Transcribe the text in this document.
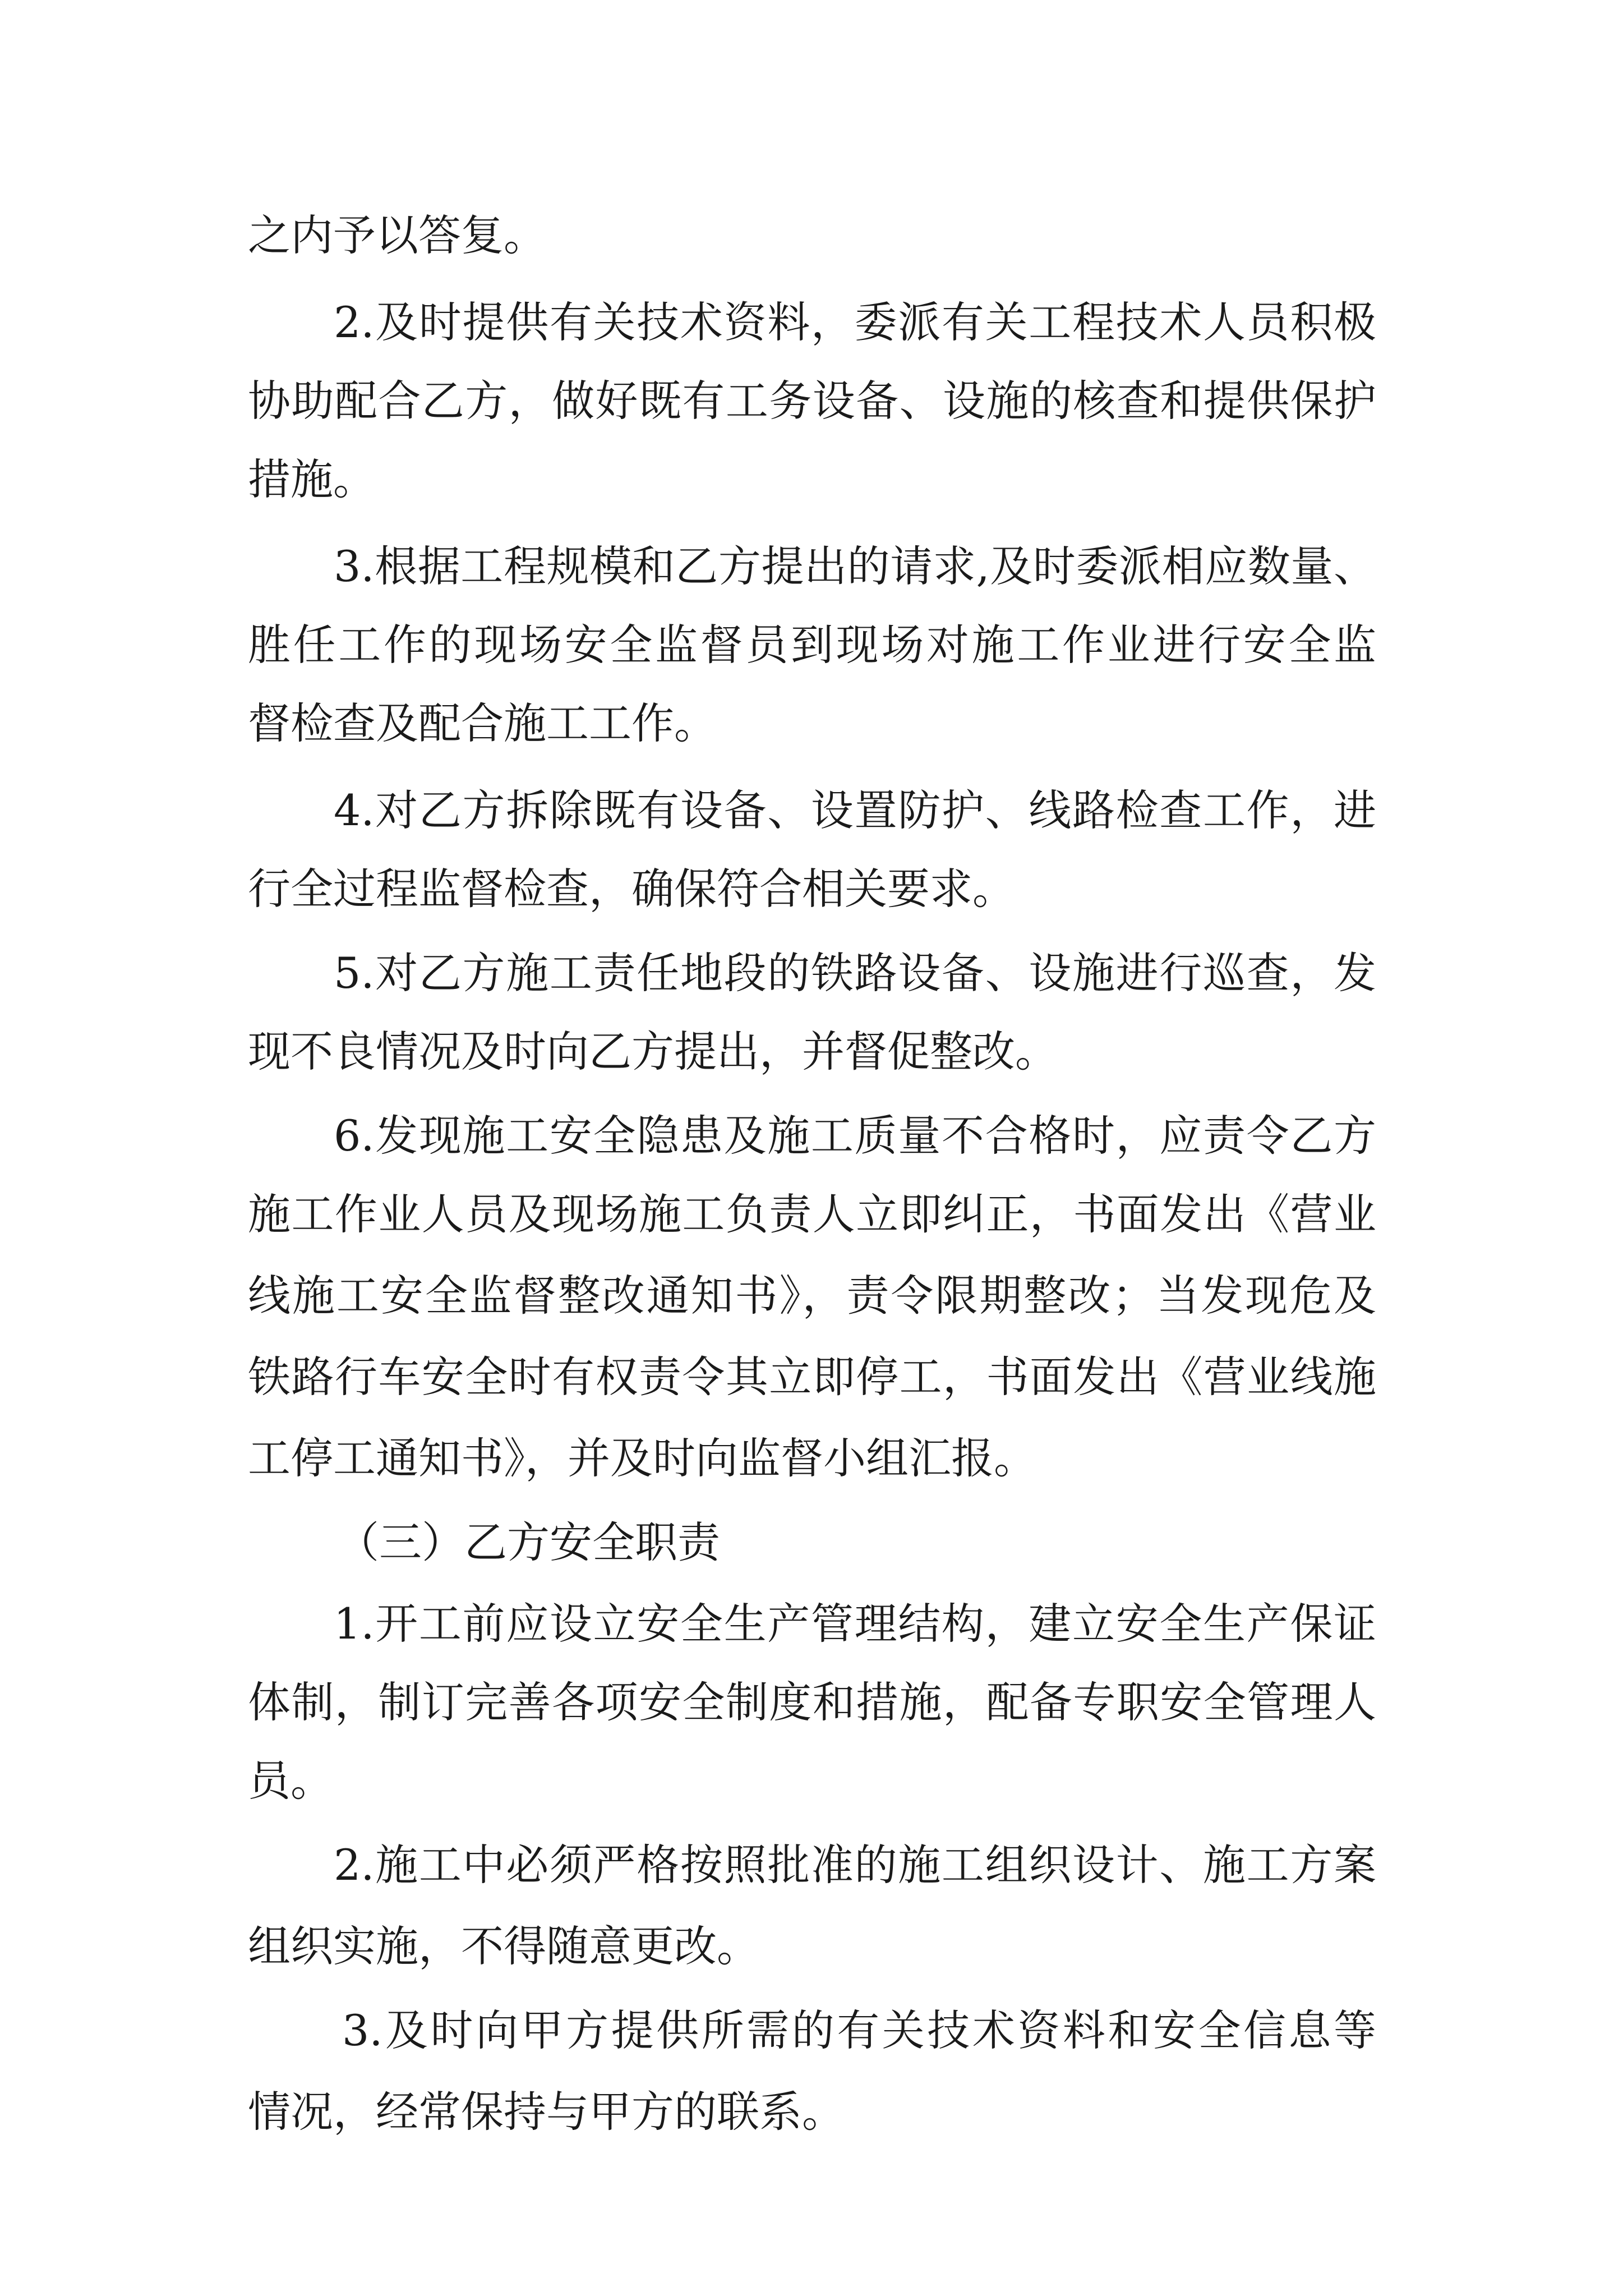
之内予以答复。
2.及时提供有关技术资料，委派有关工程技术人员积极
协助配合乙方，做好既有工务设备、设施的核查和提供保护
措施。
3.根据工程规模和乙方提出的请求,及时委派相应数量、
胜任工作的现场安全监督员到现场对施工作业进行安全监
督检查及配合施工工作。
4.对乙方拆除既有设备、设置防护、线路检查工作，进
行全过程监督检查，确保符合相关要求。
5.对乙方施工责任地段的铁路设备、设施进行巡查，发
现不良情况及时向乙方提出，并督促整改。
6.发现施工安全隐患及施工质量不合格时，应责令乙方
施工作业人员及现场施工负责人立即纠正，书面发出《营业
线施工安全监督整改通知书》，责令限期整改；当发现危及
铁路行车安全时有权责令其立即停工，书面发出《营业线施
工停工通知书》，并及时向监督小组汇报。
（三）乙方安全职责
1.开工前应设立安全生产管理结构，建立安全生产保证
体制，制订完善各项安全制度和措施，配备专职安全管理人
员。
2.施工中必须严格按照批准的施工组织设计、施工方案
组织实施，不得随意更改。
3.及时向甲方提供所需的有关技术资料和安全信息等
情况，经常保持与甲方的联系。
